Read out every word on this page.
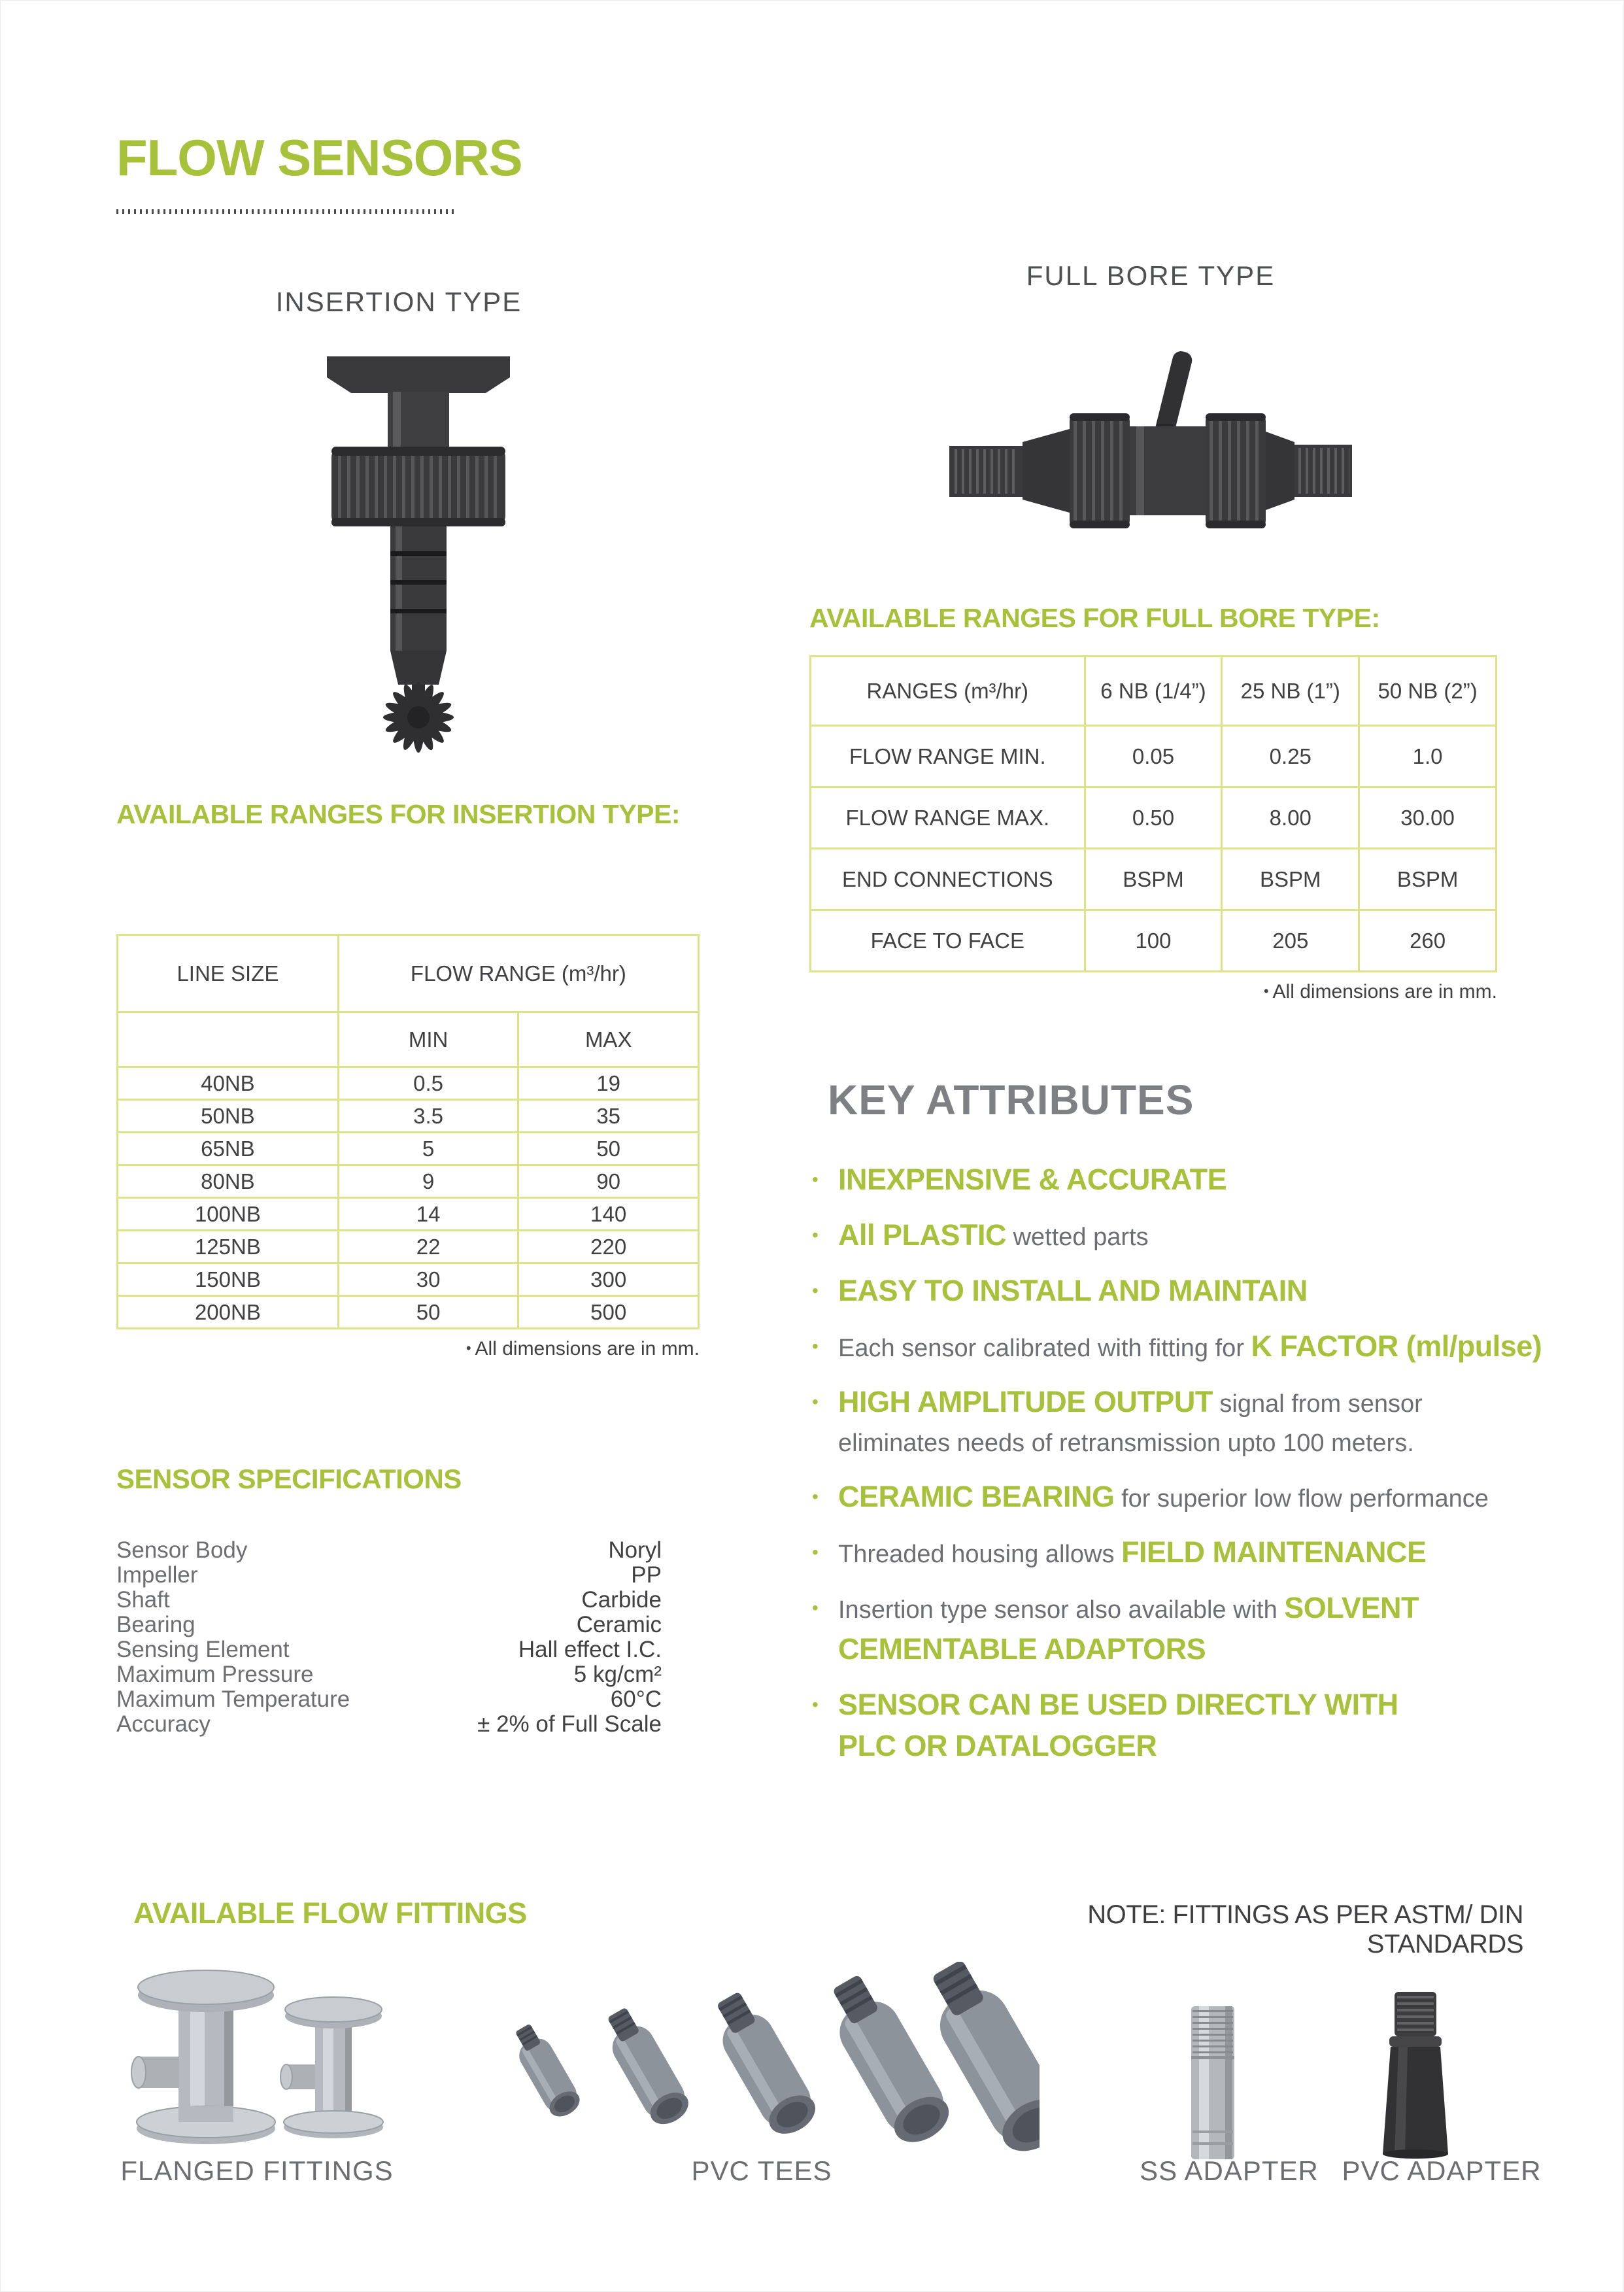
FLOW SENSORS
INSERTION TYPE
AVAILABLE RANGES FOR INSERTION TYPE:
LINE SIZE	FLOW RANGE (m³/hr)	
	MIN	MAX
40NB	0.5	19
50NB	3.5	35
65NB	5	50
80NB	9	90
100NB	14	140
125NB	22	220
150NB	30	300
200NB	50	500
• All dimensions are in mm.
SENSOR SPECIFICATIONS
Sensor Body	Noryl
Impeller	PP
Shaft	Carbide
Bearing	Ceramic
Sensing Element	Hall effect I.C.
Maximum Pressure	5 kg/cm²
Maximum Temperature	60°C
Accuracy	± 2% of Full Scale
FULL BORE TYPE
AVAILABLE RANGES FOR FULL BORE TYPE:
RANGES (m³/hr)	6 NB (1/4”)	25 NB (1”)	50 NB (2”)
FLOW RANGE MIN.	0.05	0.25	1.0
FLOW RANGE MAX.	0.50	8.00	30.00
END CONNECTIONS	BSPM	BSPM	BSPM
FACE TO FACE	100	205	260
• All dimensions are in mm.
KEY ATTRIBUTES
• INEXPENSIVE & ACCURATE
• All PLASTIC wetted parts
• EASY TO INSTALL AND MAINTAIN
• Each sensor calibrated with fitting for K FACTOR (ml/pulse)
• HIGH AMPLITUDE OUTPUT signal from sensor
eliminates needs of retransmission upto 100 meters.
• CERAMIC BEARING for superior low flow performance
• Threaded housing allows FIELD MAINTENANCE
• Insertion type sensor also available with SOLVENT
CEMENTABLE ADAPTORS
• SENSOR CAN BE USED DIRECTLY WITH
PLC OR DATALOGGER
AVAILABLE FLOW FITTINGS	NOTE: FITTINGS AS PER ASTM/ DIN STANDARDS
FLANGED FITTINGS	PVC TEES	SS ADAPTER PVC ADAPTER
